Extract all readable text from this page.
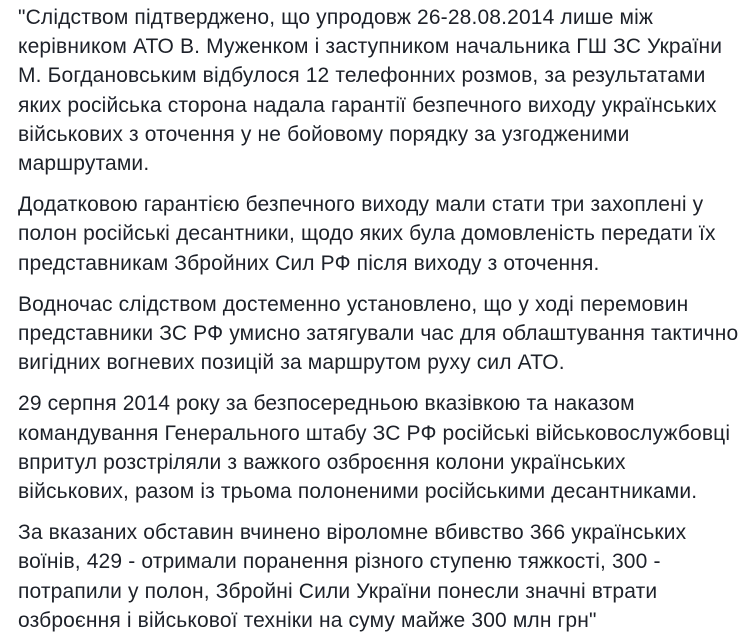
"Слідством підтверджено, що упродовж 26-28.08.2014 лише між
керівником АТО В. Муженком і заступником начальника ГШ ЗС України
М. Богдановським відбулося 12 телефонних розмов, за результатами
яких російська сторона надала гарантії безпечного виходу українських
військових з оточення у не бойовому порядку за узгодженими
маршрутами.

Додатковою гарантією безпечного виходу мали стати три захоплені у
полон російські десантники, щодо яких була домовленість передати їх
представникам Збройних Сил РФ після виходу з оточення.

Водночас слідством достеменно установлено, що у ході перемовин
представники ЗС РФ умисно затягували час для облаштування тактично
вигідних вогневих позицій за маршрутом руху сил АТО.

29 серпня 2014 року за безпосередньою вказівкою та наказом
командування Генерального штабу ЗС РФ російські військовослужбовці
впритул розстріляли з важкого озброєння колони українських
військових, разом із трьома полоненими російськими десантниками.

За вказаних обставин вчинено віроломне вбивство 366 українських
воїнів, 429 - отримали поранення різного ступеню тяжкості, 300 -
потрапили у полон, Збройні Сили України понесли значні втрати
озброєння і військової техніки на суму майже 300 млн грн"
